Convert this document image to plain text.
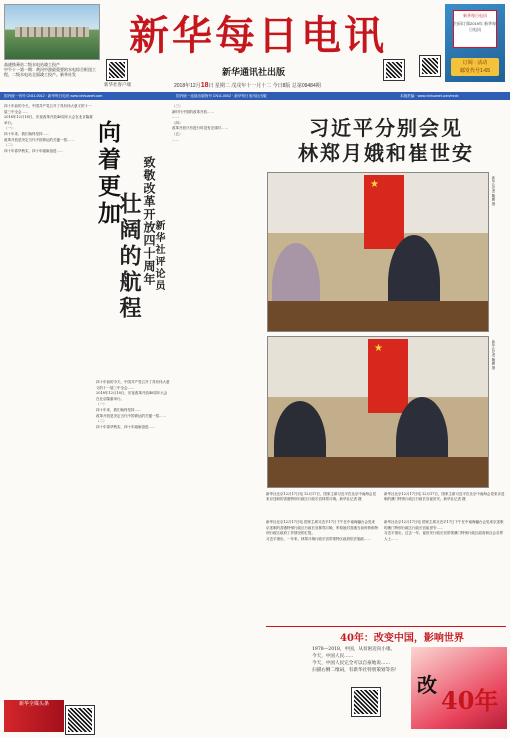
高速换乘站二级水电站竣工投产
中午十一第一期：黄河中游最重要的水电综合枢纽工程，二级水电站全面竣工投产。新华社发
新华社客户端
新华每日电讯
新华通讯社出版
2018年12月18日 星期二 戊戌年十一月十二 今日8版 总第09484期
新华每日电讯
扫码订阅2019年 新华每日电讯
订阅 · 活动
邮发代号1-65
国内统一刊号 CN11-0012 · 新华每日电讯 www.xinhuanet.com	国内统一连续出版物号 CN11-0002 · 新华每日电讯社出版	本版责编 · www.xinhuanet.com/mrdx
四十年前的今天，中国共产党召开了具有伟大意义的十一届三中全会……
2018年12月18日，庆祝改革开放40周年大会在北京隆重举行。
（一）
四十年来，我们始终坚持……
改革开放是决定当代中国命运的关键一招……
（二）
四十年春华秋实，四十年砥砺奋进……	向着更加
壮阔的航程 致敬改革开放四十周年
新华社评论员
（三）
新时代中国的改革开放……
……
（四）
改革开放只有进行时没有完成时……
（五）
……
四十年前的今天，中国共产党召开了具有伟大意义的十一届三中全会……
2018年12月18日，庆祝改革开放40周年大会在北京隆重举行。
（一）
四十年来，我们始终坚持……
改革开放是决定当代中国命运的关键一招……
（二）
四十年春华秋实，四十年砥砺奋进……
习近平分别会见
林郑月娥和崔世安
★
新华社记者 鞠鹏 摄
★
新华社记者 鞠鹏 摄
新华社北京12月17日电 12月17日，国家主席习近平在北京中南海会见来京述职的香港特别行政区行政长官林郑月娥。新华社记者 摄
新华社北京12月17日电 12月17日，国家主席习近平在北京中南海会见来京述职的澳门特别行政区行政长官崔世安。新华社记者 摄
新华社北京12月17日电 国家主席习近平17日下午在中南海瀛台会见来京述职的香港特别行政区行政长官林郑月娥，听取她对香港当前形势和特别行政区政府工作情况的汇报。
习近平指出，一年来，林郑月娥行政长官带领特区政府依法施政……
新华社北京12月17日电 国家主席习近平17日下午在中南海瀛台会见来京述职的澳门特别行政区行政长官崔世安……
习近平指出，过去一年，崔世安行政长官带领澳门特别行政区政府和社会各界人士……
40年：改变中国，影响世界
1978—2018，中国，从贫困迈向小康。
今天，中国人民……
今天，中国人民完全可以自豪地说……
扫描右侧二维码，有新华社特别策划等你！
改
40年
新华全媒头条
